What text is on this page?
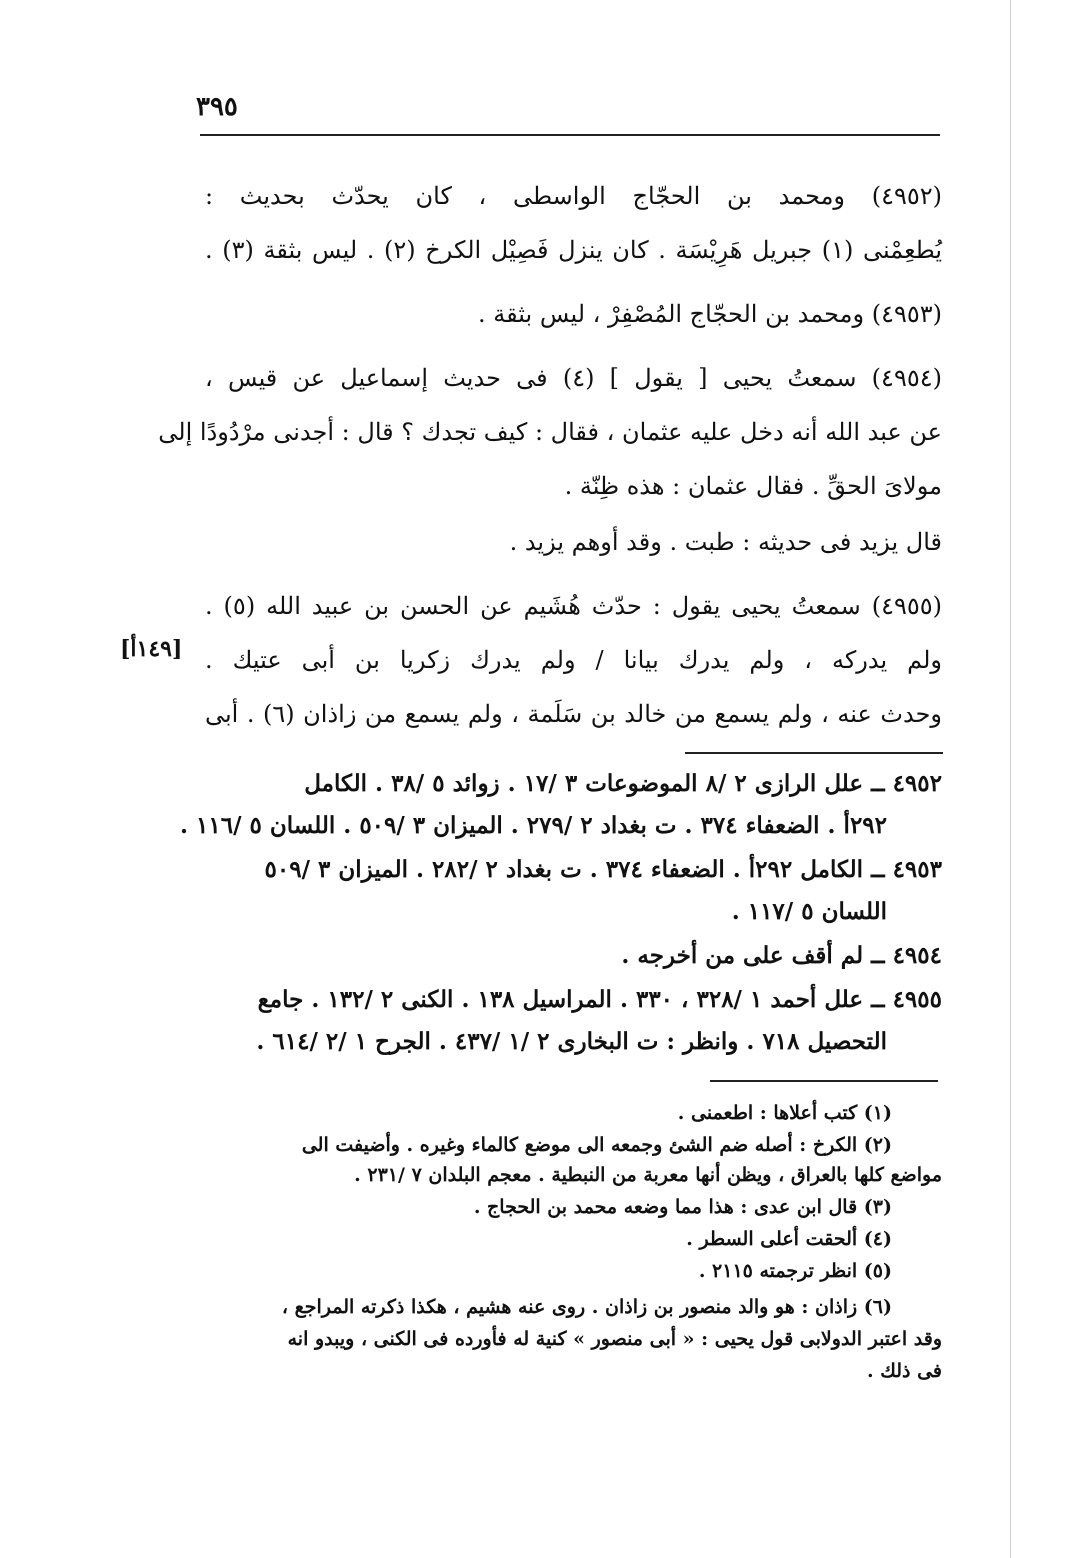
٣٩٥
(٤٩٥٢) ومحمد بن الحجّاج الواسطى ، كان يحدّث بحديث :
يُطعِمْنى (١) جبريل هَرِيْسَة . كان ينزل فَصِيْل الكرخ (٢) . ليس بثقة (٣) .
(٤٩٥٣) ومحمد بن الحجّاج المُصْفِرْ ، ليس بثقة .
(٤٩٥٤) سمعتُ يحيى [ يقول ] (٤) فى حديث إسماعيل عن قيس ،
عن عبد الله أنه دخل عليه عثمان ، فقال : كيف تجدك ؟ قال : أجدنى مرْدُودًا إلى
مولاىَ الحقِّ . فقال عثمان : هذه ظِنّة .
قال يزيد فى حديثه : طبت . وقد أوهم يزيد .
(٤٩٥٥) سمعتُ يحيى يقول : حدّث هُشَيم عن الحسن بن عبيد الله (٥) .
ولم يدركه ، ولم يدرك بيانا / ولم يدرك زكريا بن أبى عتيك .
وحدث عنه ، ولم يسمع من خالد بن سَلَمة ، ولم يسمع من زاذان (٦) . أبى
[١٤٩أ]
٤٩٥٢ ــ علل الرازى ٢ /٨ الموضوعات ٣ /١٧ . زوائد ٥ /٣٨ . الكامل
٢٩٢أ . الضعفاء ٣٧٤ . ت بغداد ٢ /٢٧٩ . الميزان ٣ /٥٠٩ . اللسان ٥ /١١٦ .
٤٩٥٣ ــ الكامل ٢٩٢أ . الضعفاء ٣٧٤ . ت بغداد ٢ /٢٨٢ . الميزان ٣ /٥٠٩
اللسان ٥ /١١٧ .
٤٩٥٤ ــ لم أقف على من أخرجه .
٤٩٥٥ ــ علل أحمد ١ /٣٢٨ ، ٣٣٠ . المراسيل ١٣٨ . الكنى ٢ /١٣٢ . جامع
التحصيل ٧١٨ . وانظر : ت البخارى ٢ /١ /٤٣٧ . الجرح ١ /٢ /٦١٤ .
(١) كتب أعلاها : اطعمنى .
(٢) الكرخ : أصله ضم الشئ وجمعه الى موضع كالماء وغيره . وأضيفت الى
مواضع كلها بالعراق ، ويظن أنها معربة من النبطية . معجم البلدان ٧ /٢٣١ .
(٣) قال ابن عدى : هذا مما وضعه محمد بن الحجاج .
(٤) ألحقت أعلى السطر .
(٥) انظر ترجمته ٢١١٥ .
(٦) زاذان : هو والد منصور بن زاذان . روى عنه هشيم ، هكذا ذكرته المراجع ،
وقد اعتبر الدولابى قول يحيى : « أبى منصور » كنية له فأورده فى الكنى ، ويبدو انه
فى ذلك .
